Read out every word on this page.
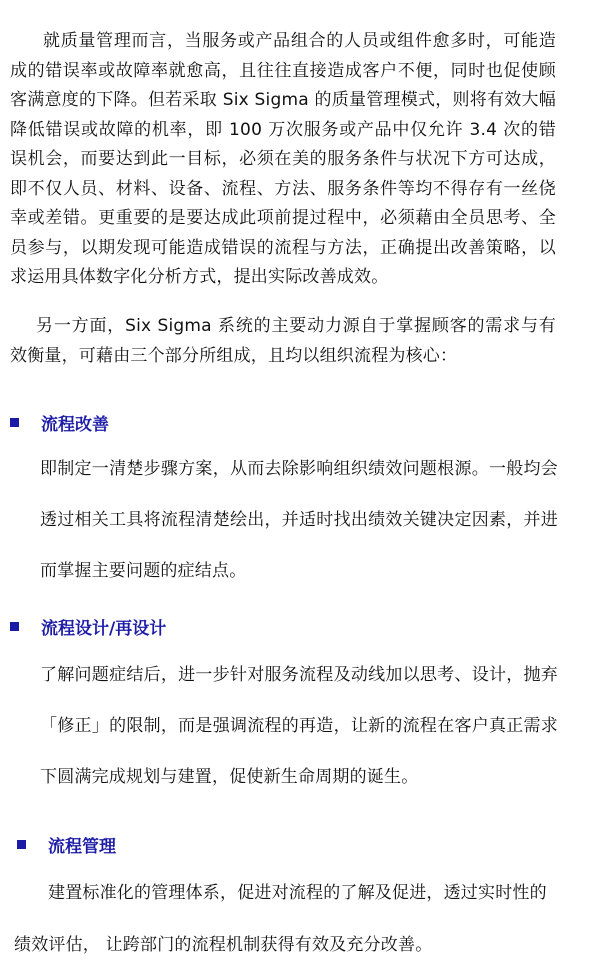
就质量管理而言，当服务或产品组合的人员或组件愈多时，可能造成的错误率或故障率就愈高，且往往直接造成客户不便，同时也促使顾客满意度的下降。但若采取 Six Sigma 的质量管理模式，则将有效大幅降低错误或故障的机率，即 100 万次服务或产品中仅允许 3.4 次的错误机会，而要达到此一目标，必须在美的服务条件与状况下方可达成，即不仅人员、材料、设备、流程、方法、服务条件等均不得存有一丝侥幸或差错。更重要的是要达成此项前提过程中，必须藉由全员思考、全员参与，以期发现可能造成错误的流程与方法，正确提出改善策略，以求运用具体数字化分析方式，提出实际改善成效。

另一方面，Six Sigma 系统的主要动力源自于掌握顾客的需求与有效衡量，可藉由三个部分所组成，且均以组织流程为核心：

流程改善

即制定一清楚步骤方案，从而去除影响组织绩效问题根源。一般均会透过相关工具将流程清楚绘出，并适时找出绩效关键决定因素，并进而掌握主要问题的症结点。

流程设计/再设计

了解问题症结后，进一步针对服务流程及动线加以思考、设计，抛弃「修正」的限制，而是强调流程的再造，让新的流程在客户真正需求下圆满完成规划与建置，促使新生命周期的诞生。

流程管理
建置标准化的管理体系，促进对流程的了解及促进，透过实时性的
绩效评估， 让跨部门的流程机制获得有效及充分改善。
